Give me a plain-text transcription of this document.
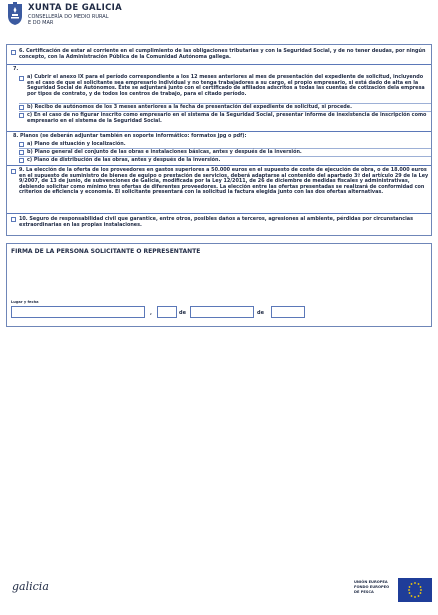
XUNTA DE GALICIA
CONSELLERÍA DO MEDIO RURAL
E DO MAR
6. Certificación de estar al corriente en el cumplimiento de las obligaciones tributarias y con la Seguridad Social, y de no tener deudas, por ningún concepto, con la Administración Pública de la Comunidad Autónoma gallega.
7.
a) Cubrir el anexo IX para el período correspondiente a los 12 meses anteriores al mes de presentación del expediente de solicitud, incluyendo en el caso de que el solicitante sea empresario individual y no tenga trabajadores a su cargo, el propio empresario, si está dado de alta en la Seguridad Social de Autónomos. Éste se adjuntará junto con el certificado de afiliados adscritos a todas las cuentas de cotización dela empresa por tipos de contrato, y de todos los centros de trabajo, para el citado período.
b) Recibo de autónomos de los 3 meses anteriores a la fecha de presentación del expediente de solicitud, si procede.
c) En el caso de no figurar inscrito como empresario en el sistema de la Seguridad Social, presentar informe de inexistencia de inscripción como empresario en el sistema de la Seguridad Social.
8. Planos (se deberán adjuntar también en soporte informático: formatos jpg o pdf):
a) Plano de situación y localización.
b) Plano general del conjunto de las obras e instalaciones básicas, antes y después de la inversión.
c) Plano de distribución de las obras, antes y después de la inversión.
9. La elección de la oferta de los proveedores en gastos superiores a 50.000 euros en el supuesto de coste de ejecución de obra, o de 18.000 euros en el supuesto de suministro de bienes de equipo o prestación de servicios, deberá adaptarse al contenido del apartado 3º del artículo 29 de la Ley 9/2007, de 13 de junio, de subvenciones de Galicia, modificada por la Ley 12/2011, de 26 de diciembre de medidas fiscales y administrativas, debiendo solicitar como mínimo tres ofertas de diferentes proveedores. La elección entre las ofertas presentadas se realizará de conformidad con criterios de eficiencia y economía. El solicitante presentará con la solicitud la factura elegida junto con las dos ofertas alternativas.
10. Seguro de responsabilidad civil que garantice, entre otros, posibles daños a terceros, agresiones al ambiente, pérdidas por circunstancias extraordinarias en las propias instalaciones.
FIRMA DE LA PERSONA SOLICITANTE O REPRESENTANTE
Lugar y fecha
,	de	de
galicia	UNIÓN EUROPEA
FONDO EUROPEO
DE PESCA
